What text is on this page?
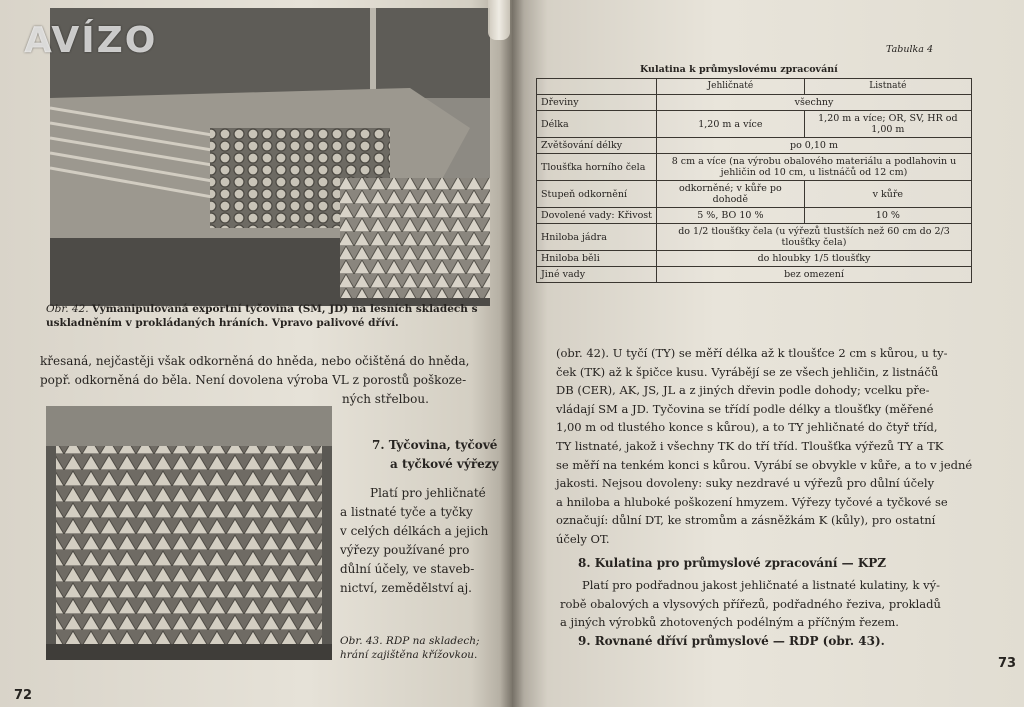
Obr. 42. Vymanipulovaná exportní tyčovina (SM, JD) na lesních skladech s uskladněním v prokládaných hráních. Vpravo palivové dříví.
křesaná, nejčastěji však odkorněná do hněda, nebo očištěná do hněda,
popř. odkorněná do běla. Není dovolena výroba VL z porostů poškoze-
ných střelbou.
7. Tyčovina, tyčové
a tyčkové výřezy
Platí pro jehličnaté
a listnaté tyče a tyčky
v celých délkách a jejich
výřezy používané pro
důlní účely, ve staveb-
nictví, zemědělství aj.
Obr. 43. RDP na skladech; hrání zajištěna křížovkou.
72
Tabulka 4
Kulatina k průmyslovému zpracování
	Jehličnaté	Listnaté
Dřeviny	všechny	
Délka	1,20 m a více	1,20 m a více; OR, SV, HR od 1,00 m
Zvětšování délky	po 0,10 m	
Tloušťka horního čela	8 cm a více (na výrobu obalového materiálu a podlahovin u jehličin od 10 cm, u listnáčů od 12 cm)	
Stupeň odkornění	odkorněné; v kůře po dohodě	v kůře
Dovolené vady: Křivost	5 %, BO 10 %	10 %
Hniloba jádra	do 1/2 tloušťky čela (u výřezů tlustších než 60 cm do 2/3 tloušťky čela)	
Hniloba běli	do hloubky 1/5 tloušťky	
Jiné vady	bez omezení	
(obr. 42). U tyčí (TY) se měří délka až k tloušťce 2 cm s kůrou, u ty-
ček (TK) až k špičce kusu. Vyrábějí se ze všech jehličin, z listnáčů
DB (CER), AK, JS, JL a z jiných dřevin podle dohody; vcelku pře-
vládají SM a JD. Tyčovina se třídí podle délky a tloušťky (měřené
1,00 m od tlustého konce s kůrou), a to TY jehličnaté do čtyř tříd,
TY listnaté, jakož i všechny TK do tří tříd. Tloušťka výřezů TY a TK
se měří na tenkém konci s kůrou. Vyrábí se obvykle v kůře, a to v jedné
jakosti. Nejsou dovoleny: suky nezdravé u výřezů pro důlní účely
a hniloba a hluboké poškození hmyzem. Výřezy tyčové a tyčkové se
označují: důlní DT, ke stromům a zásněžkám K (kůly), pro ostatní
účely OT.
8. Kulatina pro průmyslové zpracování — KPZ
Platí pro podřadnou jakost jehličnaté a listnaté kulatiny, k vý-
robě obalových a vlysových přířezů, podřadného řeziva, prokladů
a jiných výrobků zhotovených podélným a příčným řezem.
9. Rovnané dříví průmyslové — RDP (obr. 43).
73
AVÍZO
